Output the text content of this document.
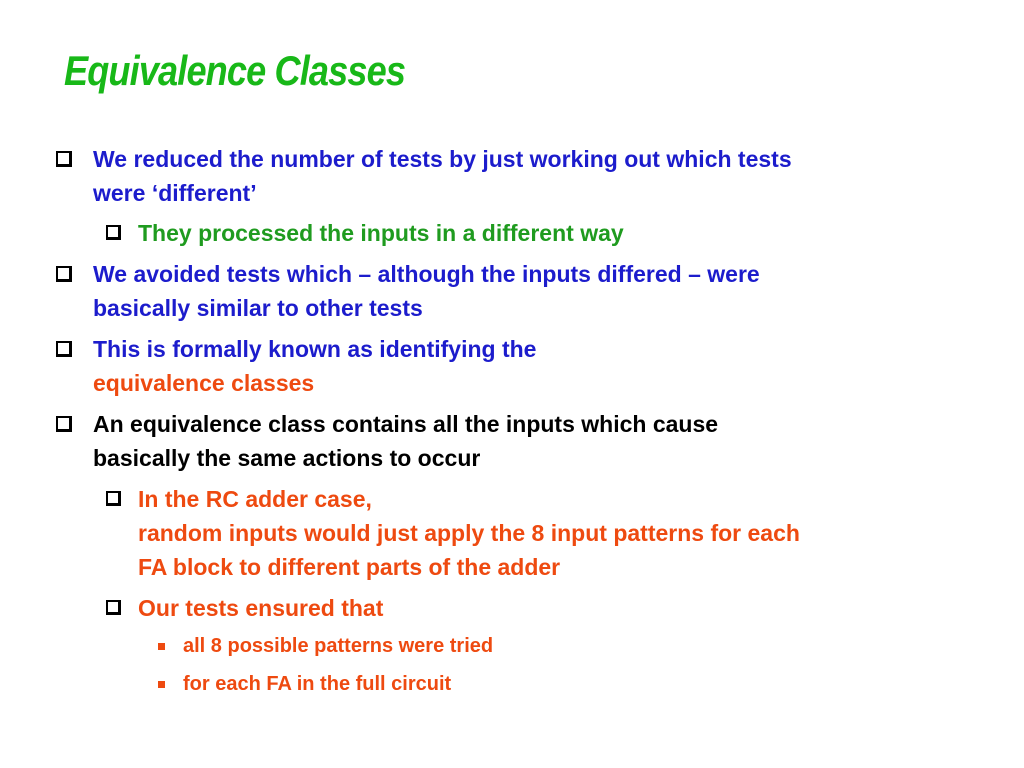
Equivalence Classes
We reduced the number of tests by just working out which tests
were ‘different’
They processed the inputs in a different way
We avoided tests which – although the inputs differed – were
basically similar to other tests
This is formally known as identifying the
equivalence classes
An equivalence class contains all the inputs which cause
basically the same actions to occur
In the RC adder case,
random inputs would just apply the 8 input patterns for each
FA block to different parts of the adder
Our tests ensured that
all 8 possible patterns were tried
for each FA in the full circuit
